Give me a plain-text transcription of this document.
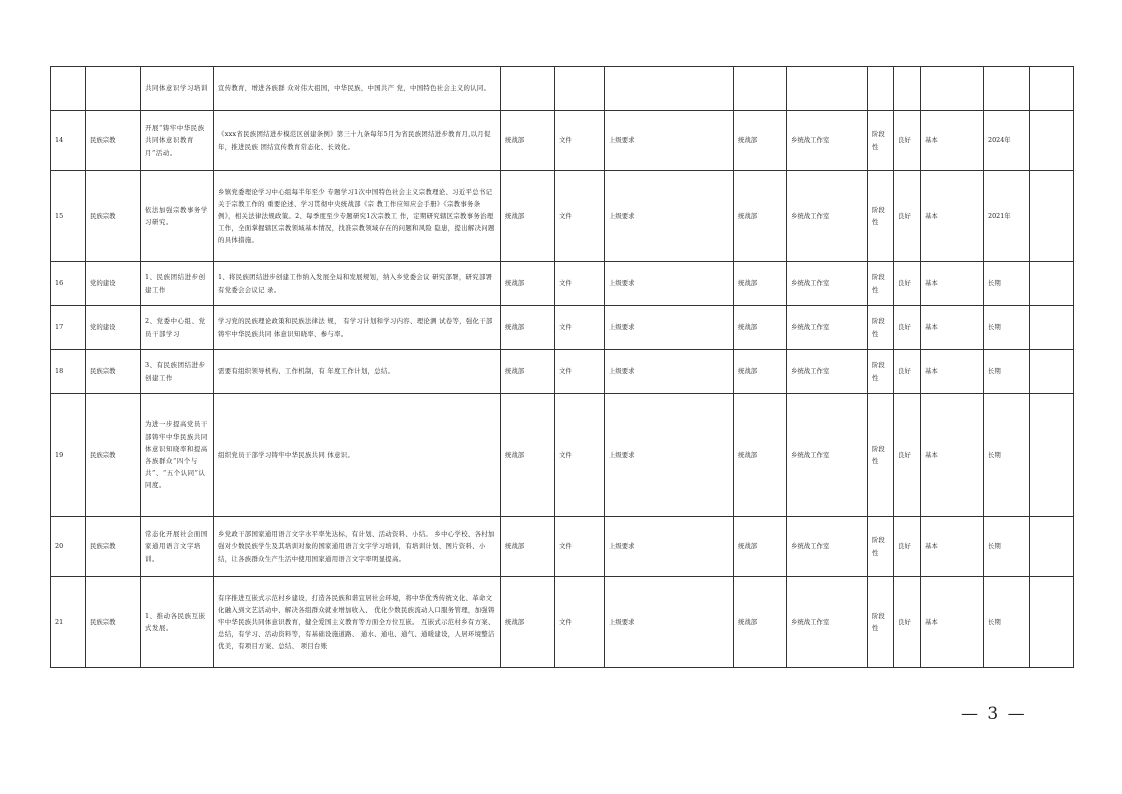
		共同体意识学习培训	宣传教育，增进各族群 众对伟大祖国，中华民族，中国共产 党，中国特色社会主义的认同。										
14	民族宗教	开展“铸牢中华民族共同体意识教育月”活动。	《xxx省民族团结进步模范区创建条例》第三十九条每年5月为省民族团结进步教育月,以月促年，推进民族 团结宣传教育常态化、长效化。	统战部	文件	上级要求	统战部	乡统战工作室	阶段性	良好	基本	2024年	
15	民族宗教	依法加强宗教事务学习研究。	乡镇党委理论学习中心组每半年至少 专题学习1次中国特色社会主义宗教理论、习近平总书记关于宗教工作的 重要论述、学习贯彻中央统战部《宗 教工作应知应会手册》《宗教事务条 例》，相关法律法规政策。2、每季度至少专题研究1次宗教工 作，定期研究辖区宗教事务治理工作，全面掌握辖区宗教领域基本情况，找准宗教领域存在的问题和风险 隐患，提出解决问题的具体措施。	统战部	文件	上级要求	统战部	乡统战工作室	阶段性	良好	基本	2021年	
16	党的建设	1、民族团结进步创建工作	1、将民族团结进步创建工作纳入发展全局和发展规划，纳入乡党委会议 研究部署，研究部署有党委会会议记 录。	统战部	文件	上级要求	统战部	乡统战工作室	阶段性	良好	基本	长期	
17	党的建设	2、党委中心组、党员干部学习	学习党的民族理论政策和民族法律法 规， 有学习计划和学习内容、理论测 试卷等，强化干部铸牢中华民族共同 体意识知晓率、参与率。	统战部	文件	上级要求	统战部	乡统战工作室	阶段性	良好	基本	长期	
18	民族宗教	3、有民族团结进步创建工作	需要有组织领导机构、工作机制，有 年度工作计划，总结。	统战部	文件	上级要求	统战部	乡统战工作室	阶段性	良好	基本	长期	
19	民族宗教	为进一步提高党员干部铸牢中华民族共同体意识知晓率和提高各族群众“四个与共”、“五个认同”认同度。	组织党员干部学习铸牢中华民族共同 体意识。	统战部	文件	上级要求	统战部	乡统战工作室	阶段性	良好	基本	长期	
20	民族宗教	常态化开展社会面国家通用语言文字培训。	乡党政干部国家通用语言文字水平率先达标，有计划、活动资料、小结。 乡中心学校、各村加强对少数民族学生及其培训对象的国家通用语言文字学习培训，有培训计划、图片资料、小结，让各族群众生产生活中使用国家通用语言文字率明显提高。	统战部	文件	上级要求	统战部	乡统战工作室	阶段性	良好	基本	长期	
21	民族宗教	1、推动各民族互嵌式发展。	有序推进互嵌式示范村乡建设，打造各民族和谐宜居社会环境，将中华优秀传统文化、革命文化融入到文艺活动中、解决各组群众就业增加收入、 优化少数民族流动人口服务管理，加强铸牢中华民族共同体意识教育，健全爱国主义教育等方面全方位互嵌。 互嵌式示范村乡有方案、总结，有学习、活动资料等，有基础设施道路、 通水、通电、通气、通暖建设，人居环境整洁优美，有项目方案、总结、 项目台账	统战部	文件	上级要求	统战部	乡统战工作室	阶段性	良好	基本	长期	
— 3 —
